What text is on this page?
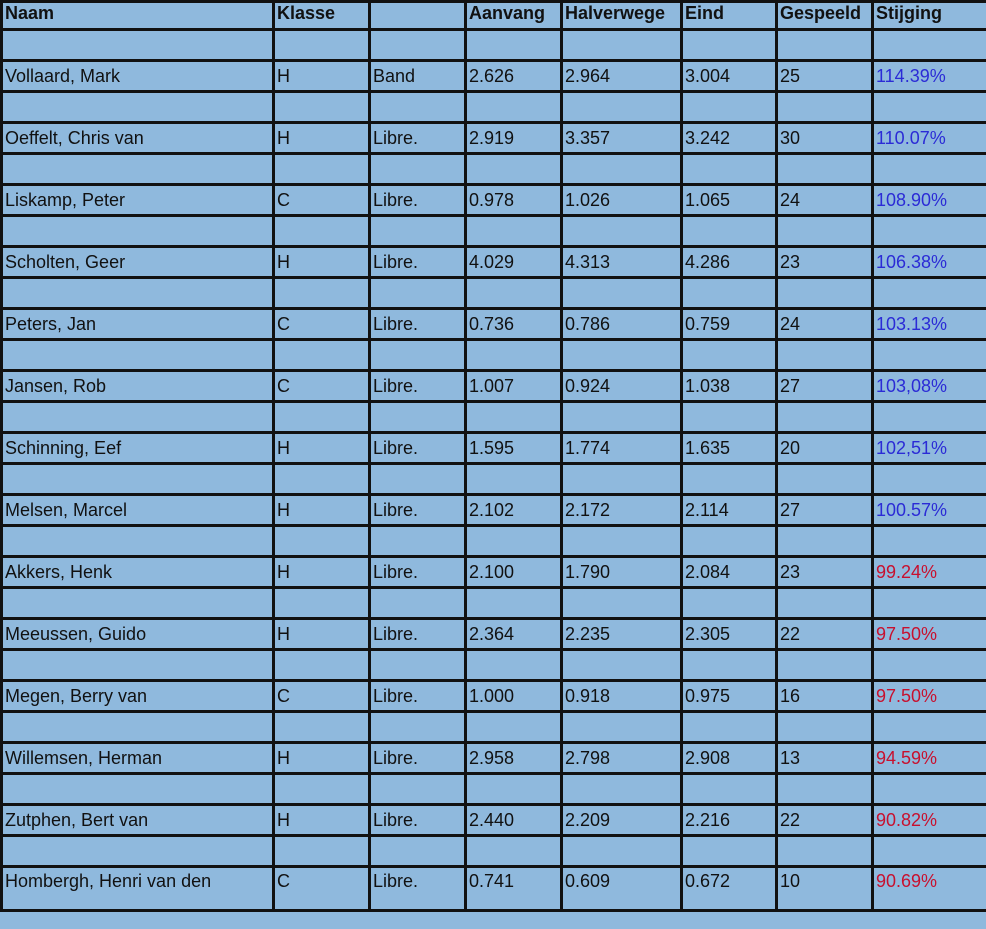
Naam	Klasse		Aanvang	Halverwege	Eind	Gespeeld	Stijging

Vollaard, Mark	H	Band	2.626	2.964	3.004	25	114.39%

Oeffelt, Chris van	H	Libre.	2.919	3.357	3.242	30	110.07%

Liskamp, Peter	C	Libre.	0.978	1.026	1.065	24	108.90%

Scholten, Geer	H	Libre.	4.029	4.313	4.286	23	106.38%

Peters, Jan	C	Libre.	0.736	0.786	0.759	24	103.13%

Jansen, Rob	C	Libre.	1.007	0.924	1.038	27	103,08%

Schinning, Eef	H	Libre.	1.595	1.774	1.635	20	102,51%

Melsen, Marcel	H	Libre.	2.102	2.172	2.114	27	100.57%

Akkers, Henk	H	Libre.	2.100	1.790	2.084	23	99.24%

Meeussen, Guido	H	Libre.	2.364	2.235	2.305	22	97.50%

Megen, Berry van	C	Libre.	1.000	0.918	0.975	16	97.50%

Willemsen, Herman	H	Libre.	2.958	2.798	2.908	13	94.59%

Zutphen, Bert van	H	Libre.	2.440	2.209	2.216	22	90.82%

Hombergh, Henri van den	C	Libre.	0.741	0.609	0.672	10	90.69%
